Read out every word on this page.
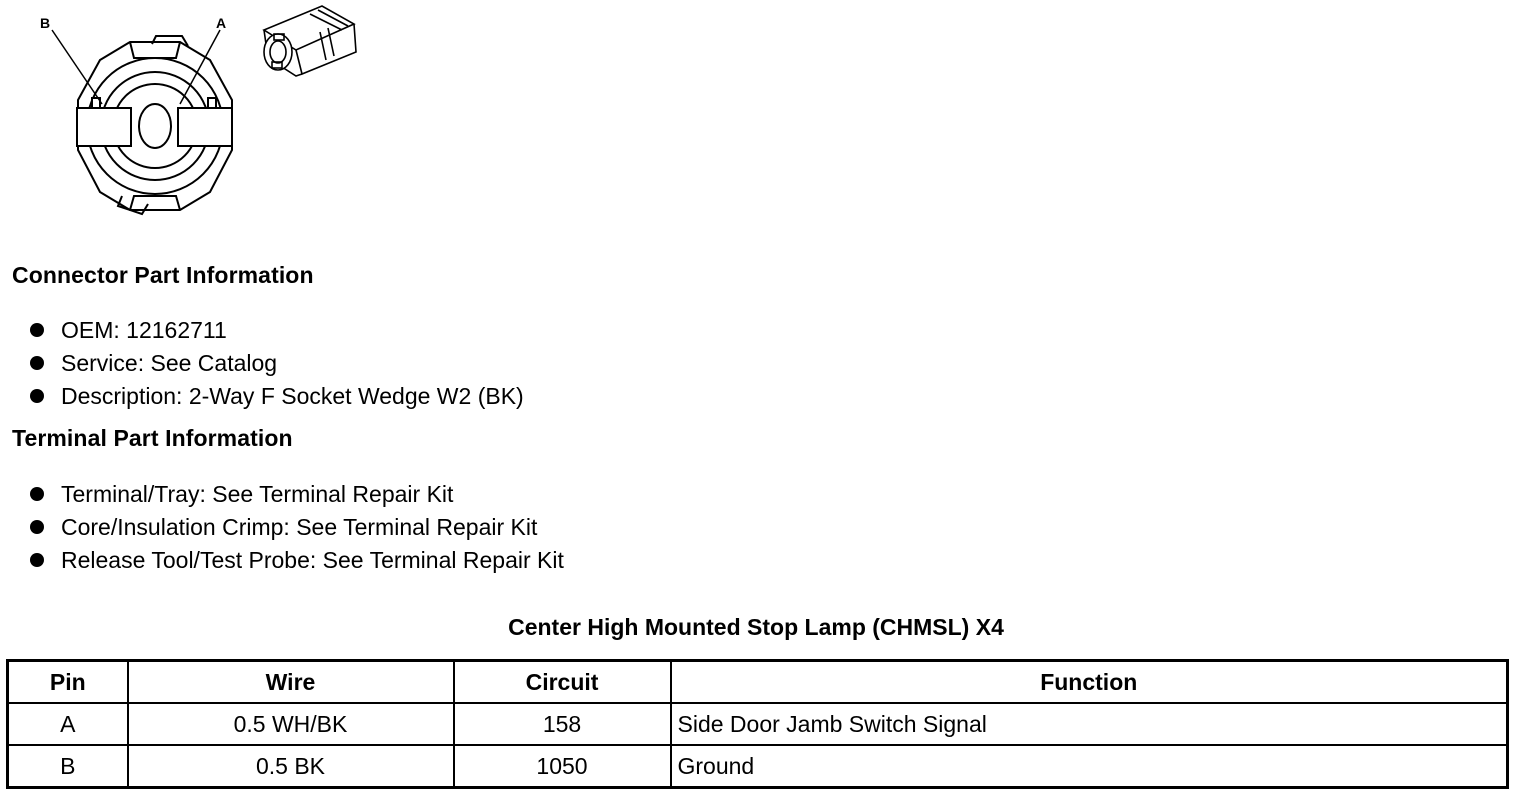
B	A
Connector Part Information
OEM: 12162711
Service: See Catalog
Description: 2-Way F Socket Wedge W2 (BK)
Terminal Part Information
Terminal/Tray: See Terminal Repair Kit
Core/Insulation Crimp: See Terminal Repair Kit
Release Tool/Test Probe: See Terminal Repair Kit
Center High Mounted Stop Lamp (CHMSL) X4
Pin	Wire	Circuit	Function
A	0.5 WH/BK	158	Side Door Jamb Switch Signal
B	0.5 BK	1050	Ground
